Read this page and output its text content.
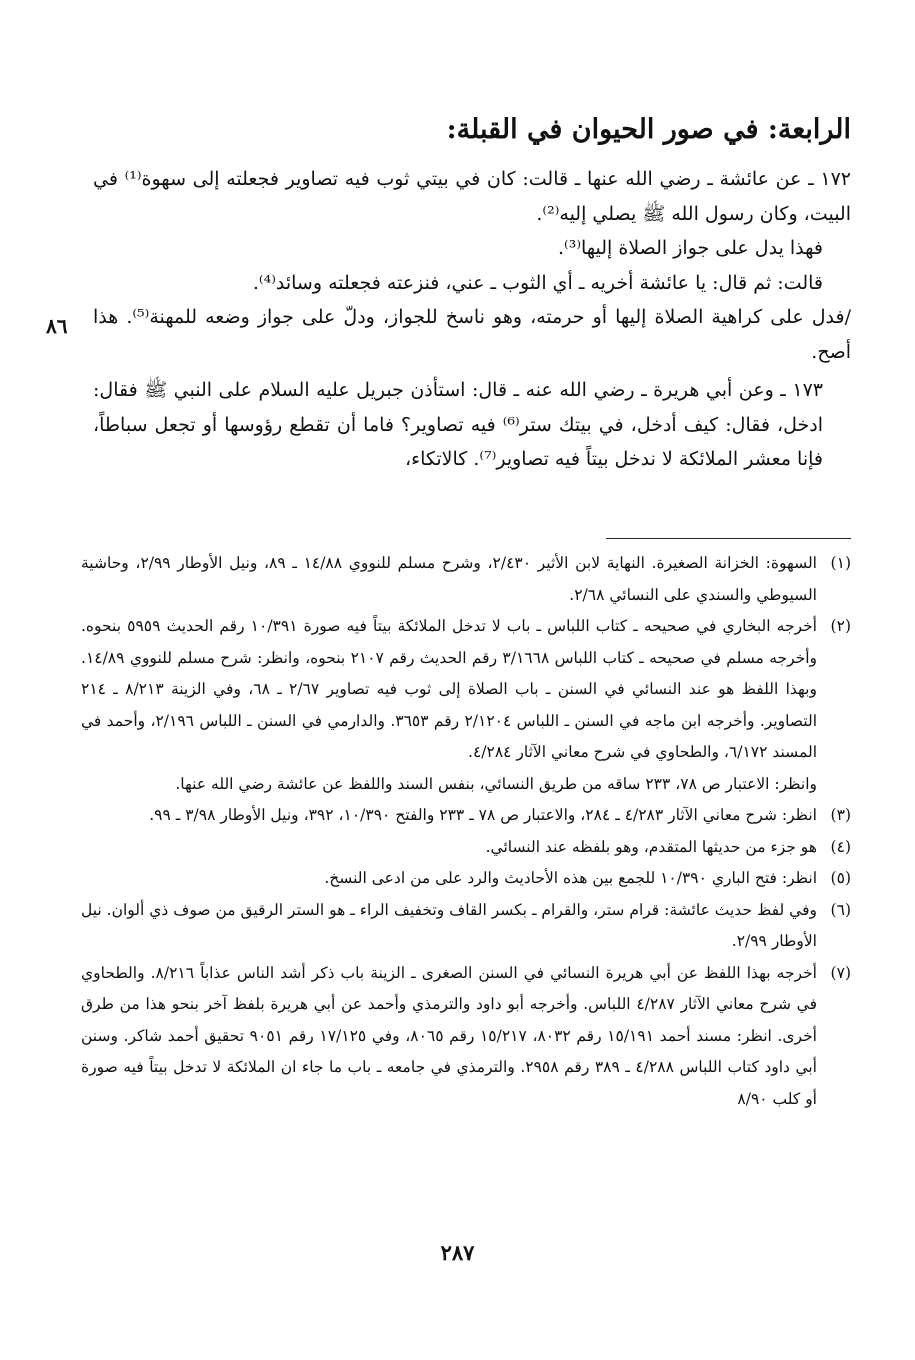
الرابعة: في صور الحيوان في القبلة:

١٧٢ ـ عن عائشة ـ رضي الله عنها ـ قالت: كان في بيتي ثوب فيه تصاوير فجعلته إلى سهوة⁽¹⁾ في البيت، وكان رسول الله ﷺ يصلي إليه⁽²⁾.

فهذا يدل على جواز الصلاة إليها⁽³⁾.

قالت: ثم قال: يا عائشة أخريه ـ أي الثوب ـ عني، فنزعته فجعلته وسائد⁽⁴⁾.

/فدل على كراهية الصلاة إليها أو حرمته، وهو ناسخ للجواز، ودلّ على جواز وضعه للمهنة⁽⁵⁾. هذا أصح.

١٧٣ ـ وعن أبي هريرة ـ رضي الله عنه ـ قال: استأذن جبريل عليه السلام على النبي ﷺ فقال: ادخل، فقال: كيف أدخل، في بيتك ستر⁽⁶⁾ فيه تصاوير؟ فاما أن تقطع رؤوسها أو تجعل سباطاً، فإنا معشر الملائكة لا ندخل بيتاً فيه تصاوير⁽⁷⁾. كالاتكاء،

٨٦
(١)
السهوة: الخزانة الصغيرة. النهاية لابن الأثير ٢/٤٣٠، وشرح مسلم للنووي ١٤/٨٨ ـ ٨٩، ونيل الأوطار ٢/٩٩، وحاشية السيوطي والسندي على النسائي ٢/٦٨.
(٢)
أخرجه البخاري في صحيحه ـ كتاب اللباس ـ باب لا تدخل الملائكة بيتاً فيه صورة ١٠/٣٩١ رقم الحديث ٥٩٥٩ بنحوه. وأخرجه مسلم في صحيحه ـ كتاب اللباس ٣/١٦٦٨ رقم الحديث رقم ٢١٠٧ بنحوه، وانظر: شرح مسلم للنووي ١٤/٨٩. وبهذا اللفظ هو عند النسائي في السنن ـ باب الصلاة إلى ثوب فيه تصاوير ٢/٦٧ ـ ٦٨، وفي الزينة ٨/٢١٣ ـ ٢١٤ التصاوير. وأخرجه ابن ماجه في السنن ـ اللباس ٢/١٢٠٤ رقم ٣٦٥٣. والدارمي في السنن ـ اللباس ٢/١٩٦، وأحمد في المسند ٦/١٧٢، والطحاوي في شرح معاني الآثار ٤/٢٨٤.

وانظر: الاعتبار ص ٧٨، ٢٣٣ ساقه من طريق النسائي، بنفس السند واللفظ عن عائشة رضي الله عنها.

(٣)
انظر: شرح معاني الآثار ٤/٢٨٣ ـ ٢٨٤، والاعتبار ص ٧٨ ـ ٢٣٣ والفتح ١٠/٣٩٠، ٣٩٢، ونيل الأوطار ٣/٩٨ ـ ٩٩.
(٤)
هو جزء من حديثها المتقدم، وهو بلفظه عند النسائي.
(٥)
انظر: فتح الباري ١٠/٣٩٠ للجمع بين هذه الأحاديث والرد على من ادعى النسخ.
(٦)
وفي لفظ حديث عائشة: قرام ستر، والقرام ـ بكسر القاف وتخفيف الراء ـ هو الستر الرقيق من صوف ذي ألوان. نيل الأوطار ٢/٩٩.
(٧)
أخرجه بهذا اللفظ عن أبي هريرة النسائي في السنن الصغرى ـ الزينة باب ذكر أشد الناس عذاباً ٨/٢١٦. والطحاوي في شرح معاني الآثار ٤/٢٨٧ اللباس. وأخرجه أبو داود والترمذي وأحمد عن أبي هريرة بلفظ آخر بنحو هذا من طرق أخرى. انظر: مسند أحمد ١٥/١٩١ رقم ٨٠٣٢، ١٥/٢١٧ رقم ٨٠٦٥، وفي ١٧/١٢٥ رقم ٩٠٥١ تحقيق أحمد شاكر. وسنن أبي داود كتاب اللباس ٤/٢٨٨ ـ ٣٨٩ رقم ٢٩٥٨. والترمذي في جامعه ـ باب ما جاء ان الملائكة لا تدخل بيتاً فيه صورة أو كلب ٨/٩٠
٢٨٧
